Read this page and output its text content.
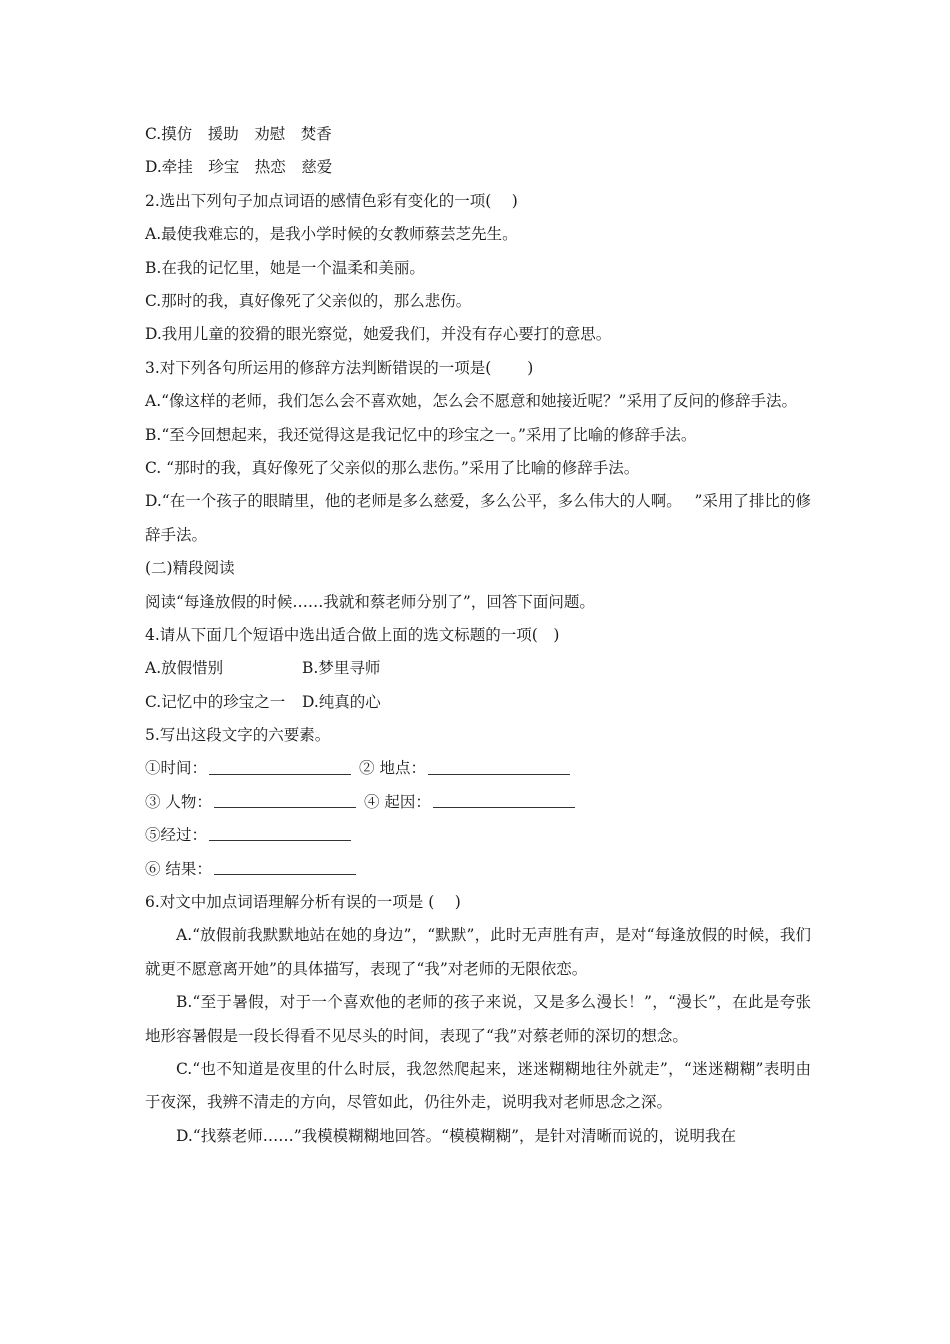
C.摸仿　援助　劝慰　焚香
D.牵挂　珍宝　热恋　慈爱
2.选出下列句子加点词语的感情色彩有变化的一项(　 )
A.最使我难忘的，是我小学时候的女教师蔡芸芝先生。
B.在我的记忆里，她是一个温柔和美丽。
C.那时的我，真好像死了父亲似的，那么悲伤。
D.我用儿童的狡猾的眼光察觉，她爱我们，并没有存心要打的意思。
3.对下列各句所运用的修辞方法判断错误的一项是(　　 )
A.“像这样的老师，我们怎么会不喜欢她，怎么会不愿意和她接近呢？”采用了反问的修辞手法。
B.“至今回想起来，我还觉得这是我记忆中的珍宝之一。”采用了比喻的修辞手法。
C. “那时的我，真好像死了父亲似的那么悲伤。”采用了比喻的修辞手法。
D.“在一个孩子的眼睛里，他的老师是多么慈爱，多么公平，多么伟大的人啊。　 ”采用了排比的修辞手法。
(二)精段阅读
阅读“每逢放假的时候……我就和蔡老师分别了”，回答下面问题。
4.请从下面几个短语中选出适合做上面的选文标题的一项(　)
A.放假惜别	B.梦里寻师
C.记忆中的珍宝之一	D.纯真的心
5.写出这段文字的六要素。
①时间：	② 地点：
③ 人物：	④ 起因：
⑤经过：
⑥ 结果：
6.对文中加点词语理解分析有误的一项是 (　 )
A.“放假前我默默地站在她的身边”，“默默”，此时无声胜有声，是对“每逢放假的时候，我们就更不愿意离开她”的具体描写，表现了“我”对老师的无限依恋。
B.“至于暑假，对于一个喜欢他的老师的孩子来说，又是多么漫长！”，“漫长”，在此是夸张地形容暑假是一段长得看不见尽头的时间，表现了“我”对蔡老师的深切的想念。
C.“也不知道是夜里的什么时辰，我忽然爬起来，迷迷糊糊地往外就走”，“迷迷糊糊”表明由于夜深，我辨不清走的方向，尽管如此，仍往外走，说明我对老师思念之深。
D.“找蔡老师……”我模模糊糊地回答。“模模糊糊”，是针对清晰而说的，说明我在
